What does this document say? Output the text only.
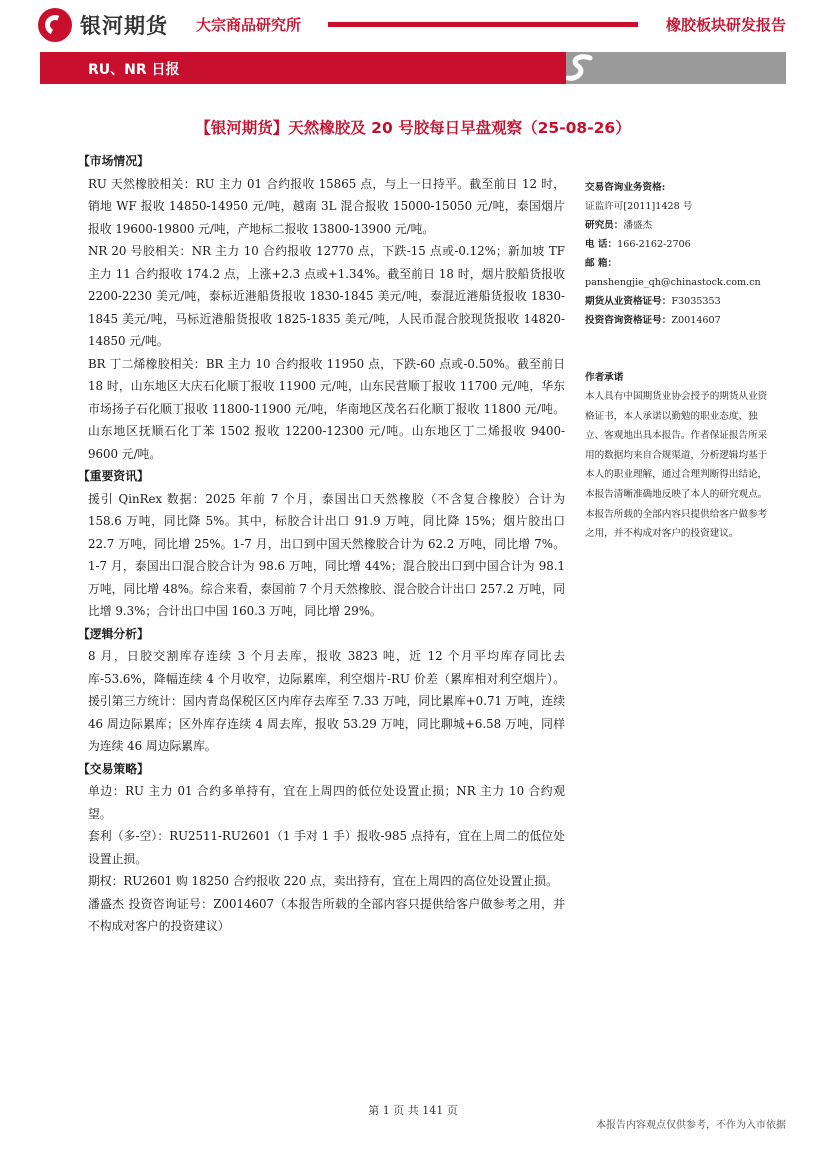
银河期货 大宗商品研究所	橡胶板块研发报告
RU、NR 日报
【银河期货】天然橡胶及 20 号胶每日早盘观察（25-08-26）
【市场情况】

RU 天然橡胶相关：RU 主力 01 合约报收 15865 点，与上一日持平。截至前日 12 时，销地 WF 报收 14850-14950 元/吨，越南 3L 混合报收 15000-15050 元/吨，泰国烟片报收 19600-19800 元/吨，产地标二报收 13800-13900 元/吨。

NR 20 号胶相关：NR 主力 10 合约报收 12770 点，下跌-15 点或-0.12%；新加坡 TF 主力 11 合约报收 174.2 点，上涨+2.3 点或+1.34%。截至前日 18 时，烟片胶船货报收 2200-2230 美元/吨，泰标近港船货报收 1830-1845 美元/吨，泰混近港船货报收 1830-1845 美元/吨，马标近港船货报收 1825-1835 美元/吨，人民币混合胶现货报收 14820-14850 元/吨。

BR 丁二烯橡胶相关：BR 主力 10 合约报收 11950 点，下跌-60 点或-0.50%。截至前日 18 时，山东地区大庆石化顺丁报收 11900 元/吨，山东民营顺丁报收 11700 元/吨，华东市场扬子石化顺丁报收 11800-11900 元/吨，华南地区茂名石化顺丁报收 11800 元/吨。山东地区抚顺石化丁苯 1502 报收 12200-12300 元/吨。山东地区丁二烯报收 9400-9600 元/吨。

【重要资讯】

援引 QinRex 数据：2025 年前 7 个月，泰国出口天然橡胶（不含复合橡胶）合计为 158.6 万吨，同比降 5%。其中，标胶合计出口 91.9 万吨，同比降 15%；烟片胶出口 22.7 万吨，同比增 25%。1-7 月，出口到中国天然橡胶合计为 62.2 万吨，同比增 7%。1-7 月，泰国出口混合胶合计为 98.6 万吨，同比增 44%；混合胶出口到中国合计为 98.1 万吨，同比增 48%。综合来看，泰国前 7 个月天然橡胶、混合胶合计出口 257.2 万吨，同比增 9.3%；合计出口中国 160.3 万吨，同比增 29%。

【逻辑分析】

8 月，日胶交割库存连续 3 个月去库，报收 3823 吨，近 12 个月平均库存同比去库-53.6%，降幅连续 4 个月收窄，边际累库，利空烟片-RU 价差（累库相对利空烟片）。援引第三方统计：国内青岛保税区区内库存去库至 7.33 万吨，同比累库+0.71 万吨，连续 46 周边际累库；区外库存连续 4 周去库，报收 53.29 万吨，同比聊城+6.58 万吨，同样为连续 46 周边际累库。

【交易策略】

单边：RU 主力 01 合约多单持有，宜在上周四的低位处设置止损；NR 主力 10 合约观望。

套利（多-空）：RU2511-RU2601（1 手对 1 手）报收-985 点持有，宜在上周二的低位处设置止损。

期权：RU2601 购 18250 合约报收 220 点，卖出持有，宜在上周四的高位处设置止损。

潘盛杰 投资咨询证号：Z0014607（本报告所载的全部内容只提供给客户做参考之用，并不构成对客户的投资建议）

交易咨询业务资格:
证监许可[2011]1428 号
研究员：潘盛杰
电 话：166-2162-2706
邮 箱：
panshengjie_qh@chinastock.com.cn
期货从业资格证号：F3035353
投资咨询资格证号：Z0014607
作者承诺
本人具有中国期货业协会授予的期货从业资格证书，本人承诺以勤勉的职业态度、独立、客观地出具本报告。作者保证报告所采用的数据均来自合规渠道，分析逻辑均基于本人的职业理解，通过合理判断得出结论，本报告清晰准确地反映了本人的研究观点。本报告所载的全部内容只提供给客户做参考之用，并不构成对客户的投资建议。
第 1 页 共 141 页
本报告内容观点仅供参考，不作为入市依据
